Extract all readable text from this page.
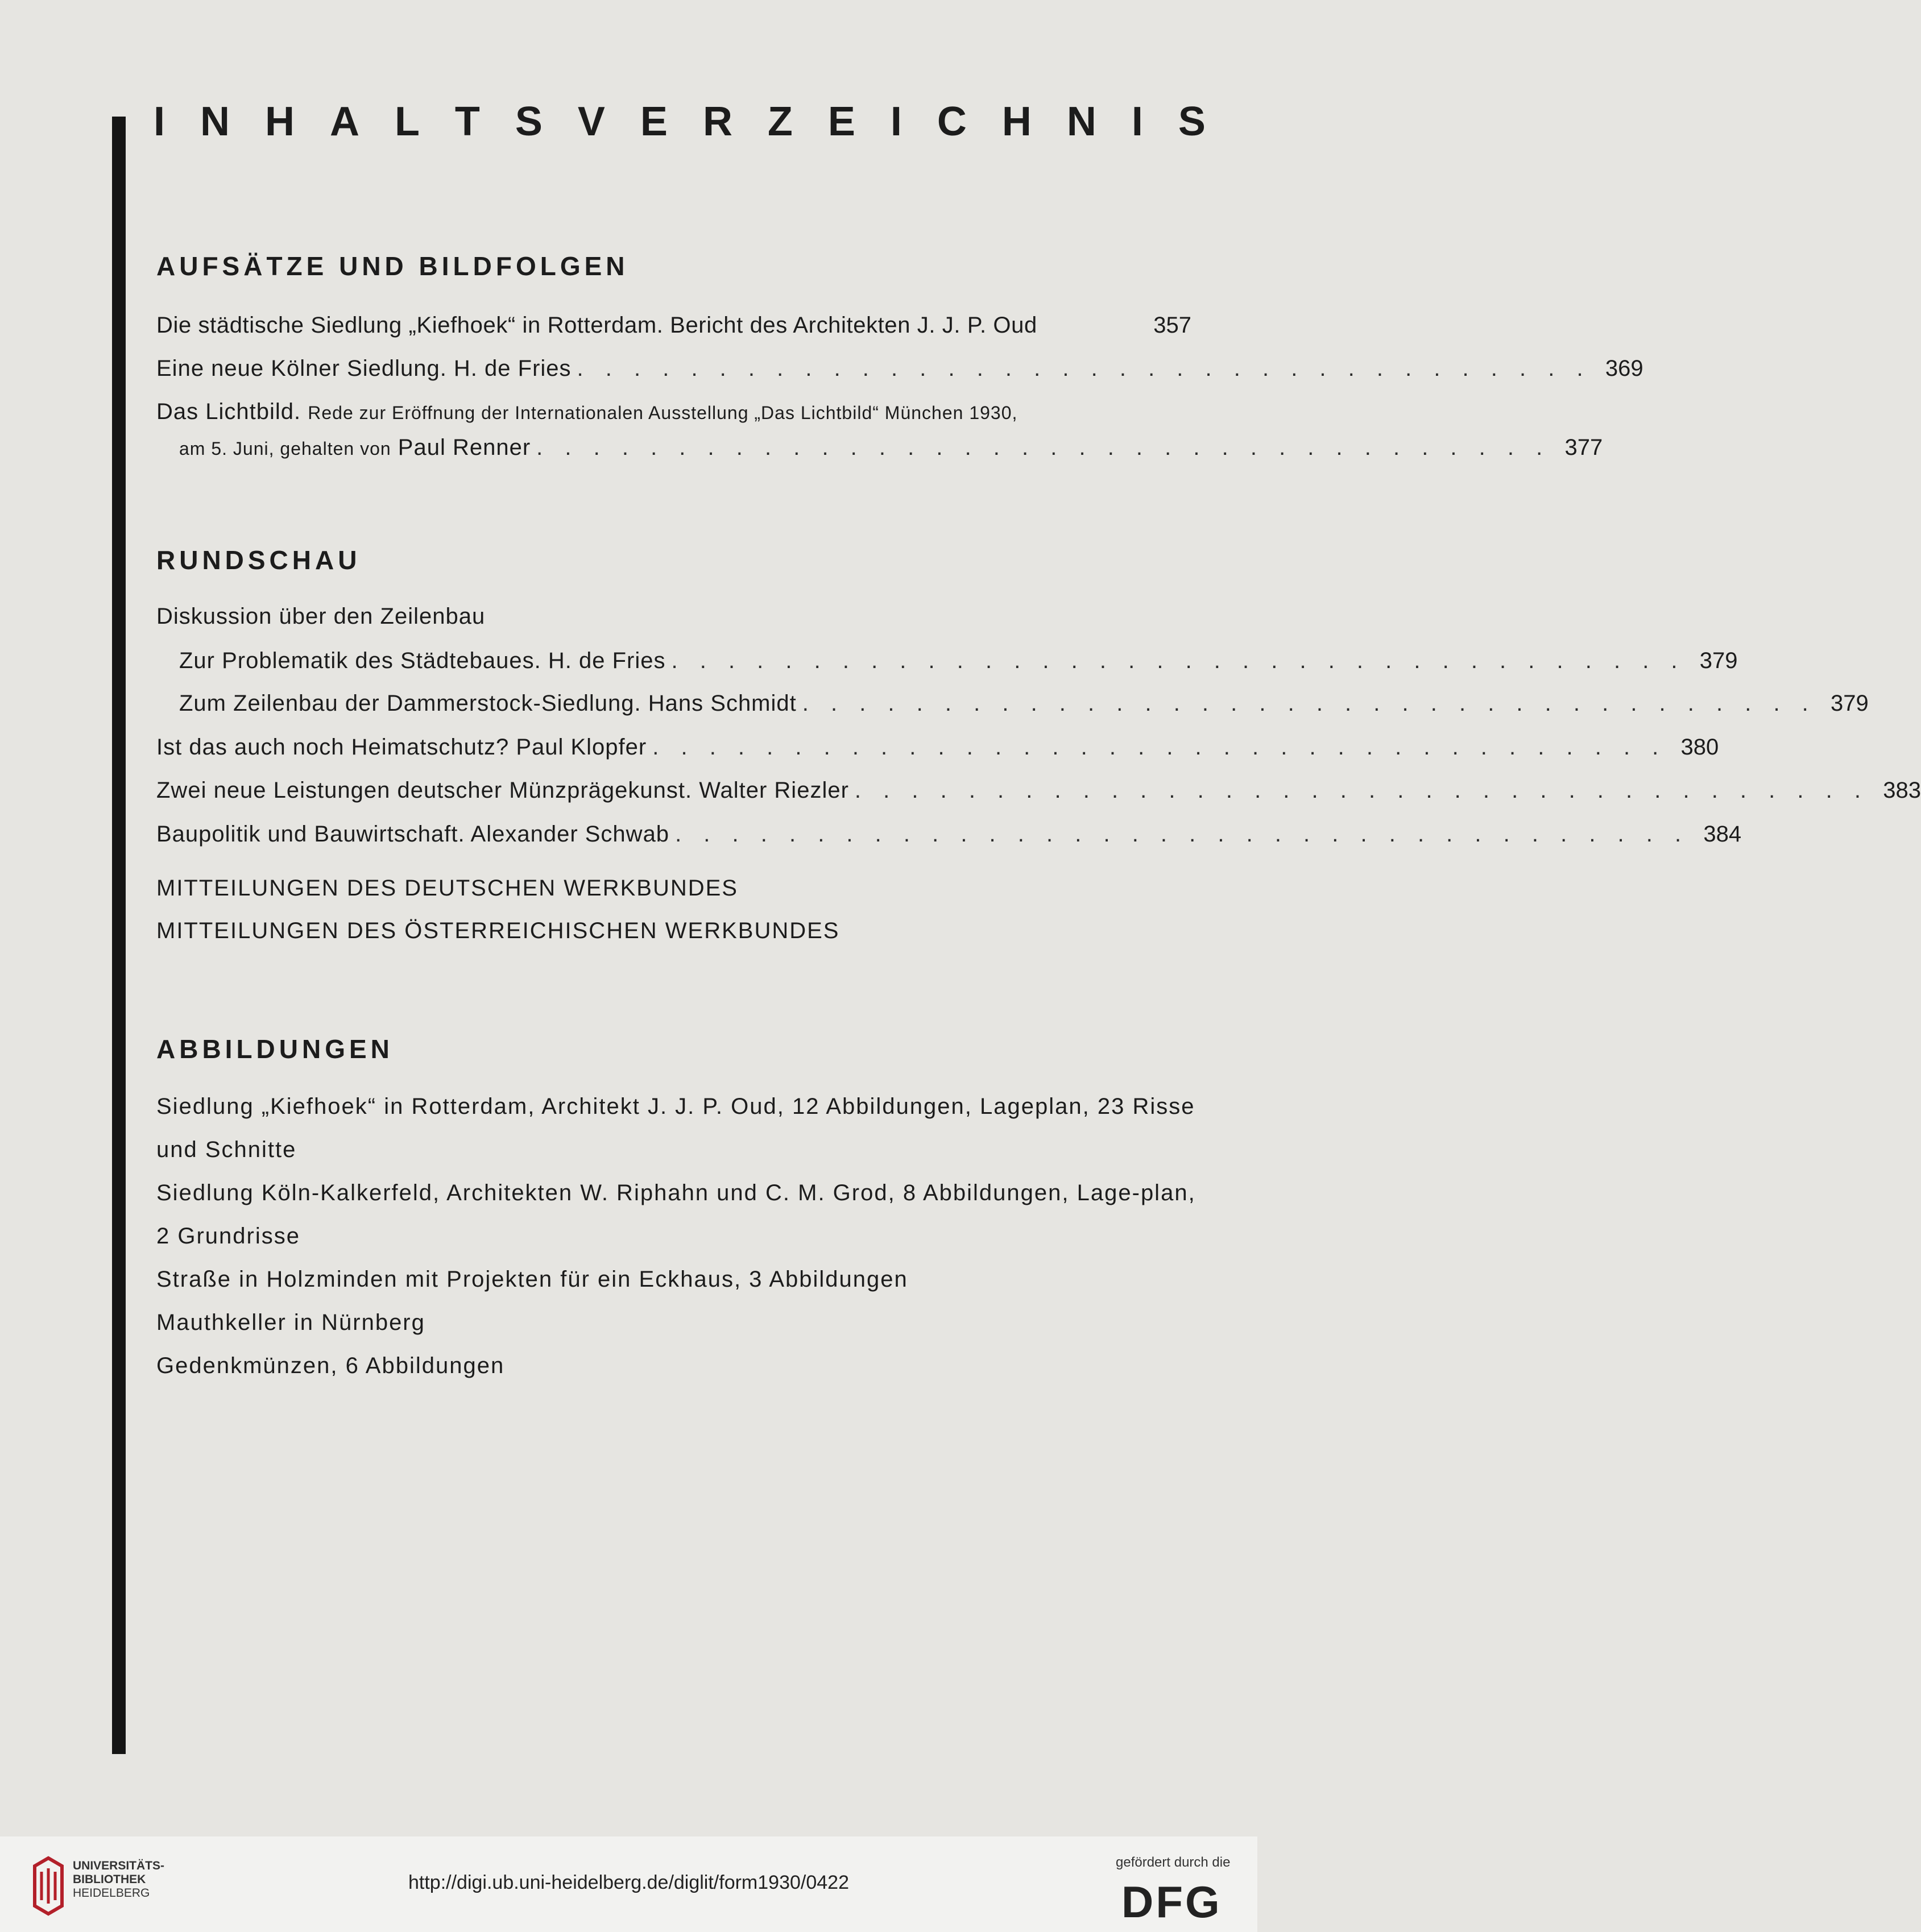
I N H A L T S V E R Z E I C H N I S
AUFSÄTZE UND BILDFOLGEN
Die städtische Siedlung „Kiefhoek“ in Rotterdam. Bericht des Architekten J. J. P. Oud	357
Eine neue Kölner Siedlung. H. de Fries . . . . . . . . . . . . . . . . . . . . . . . . . . . . . . . . . . . . 369
Das Lichtbild. Rede zur Eröffnung der Internationalen Ausstellung „Das Lichtbild“ München 1930,
am 5. Juni, gehalten von Paul Renner . . . . . . . . . . . . . . . . . . . . . . . . . . . . . . . . . . . . 377
RUNDSCHAU
Diskussion über den Zeilenbau
Zur Problematik des Städtebaues. H. de Fries . . . . . . . . . . . . . . . . . . . . . . . . . . . . . . . . . . . . 379
Zum Zeilenbau der Dammerstock-Siedlung. Hans Schmidt . . . . . . . . . . . . . . . . . . . . . . . . . . . . . . . . . . . . 379
Ist das auch noch Heimatschutz? Paul Klopfer . . . . . . . . . . . . . . . . . . . . . . . . . . . . . . . . . . . . 380
Zwei neue Leistungen deutscher Münzprägekunst. Walter Riezler . . . . . . . . . . . . . . . . . . . . . . . . . . . . . . . . . . . . 383
Baupolitik und Bauwirtschaft. Alexander Schwab . . . . . . . . . . . . . . . . . . . . . . . . . . . . . . . . . . . . 384
MITTEILUNGEN DES DEUTSCHEN WERKBUNDES
MITTEILUNGEN DES ÖSTERREICHISCHEN WERKBUNDES
ABBILDUNGEN

Siedlung „Kiefhoek“ in Rotterdam, Architekt J. J. P. Oud, 12 Abbildungen, Lageplan, 23 Risse und Schnitte

Siedlung Köln-Kalkerfeld, Architekten W. Riphahn und C. M. Grod, 8 Abbildungen, Lage-plan, 2 Grundrisse

Straße in Holzminden mit Projekten für ein Eckhaus, 3 Abbildungen

Mauthkeller in Nürnberg

Gedenkmünzen, 6 Abbildungen

UNIVERSITÄTS-
BIBLIOTHEK
HEIDELBERG	http://digi.ub.uni-heidelberg.de/diglit/form1930/0422
gefördert durch die
DFG
